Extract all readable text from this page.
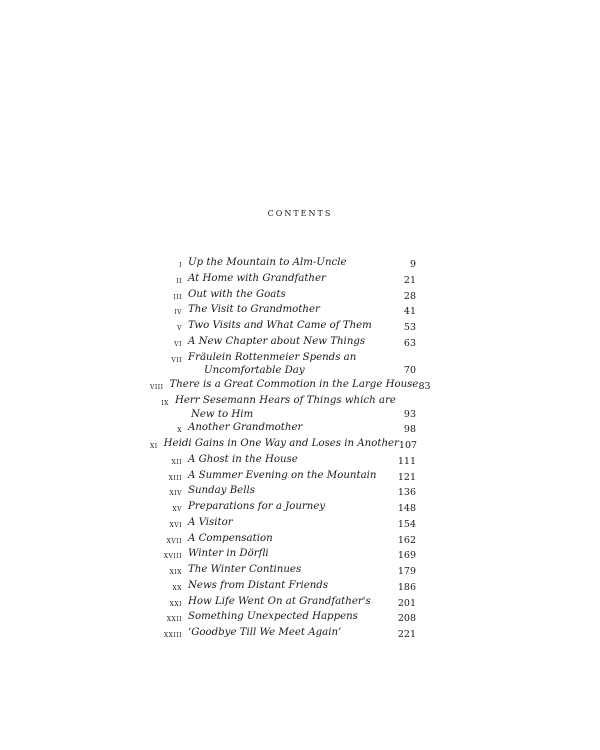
contents
i Up the Mountain to Alm-Uncle	9
ii At Home with Grandfather	21
iii Out with the Goats	28
iv The Visit to Grandmother	41
v Two Visits and What Came of Them	53
vi A New Chapter about New Things	63
vii Fräulein Rottenmeier Spends an
Uncomfortable Day	70
viii There is a Great Commotion in the Large House 83
ix Herr Sesemann Hears of Things which are
New to Him	93
x Another Grandmother	98
xi Heidi Gains in One Way and Loses in Another 107
xii A Ghost in the House	111
xiii A Summer Evening on the Mountain	121
xiv Sunday Bells	136
xv Preparations for a Journey	148
xvi A Visitor	154
xvii A Compensation	162
xviii Winter in Dörfli	169
xix The Winter Continues	179
xx News from Distant Friends	186
xxi How Life Went On at Grandfather's	201
xxii Something Unexpected Happens	208
xxiii ‘Goodbye Till We Meet Again’	221
